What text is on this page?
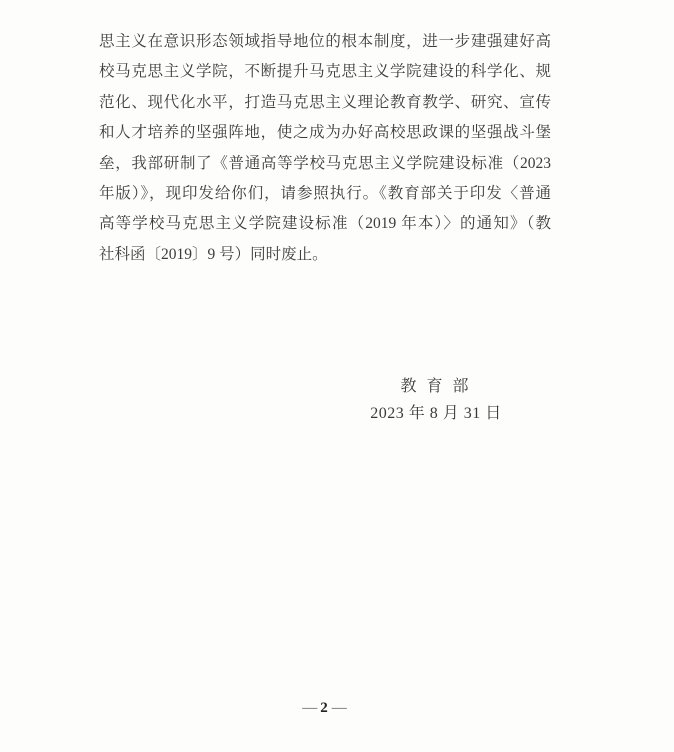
思主义在意识形态领域指导地位的根本制度，进一步建强建好高
校马克思主义学院，不断提升马克思主义学院建设的科学化、规
范化、现代化水平，打造马克思主义理论教育教学、研究、宣传
和人才培养的坚强阵地，使之成为办好高校思政课的坚强战斗堡
垒，我部研制了《普通高等学校马克思主义学院建设标准（2023
年版）》，现印发给你们，请参照执行。《教育部关于印发〈普通
高等学校马克思主义学院建设标准（2019 年本）〉的通知》（教
社科函〔2019〕9 号）同时废止。
教 育 部
2023 年 8 月 31 日
— 2 —
